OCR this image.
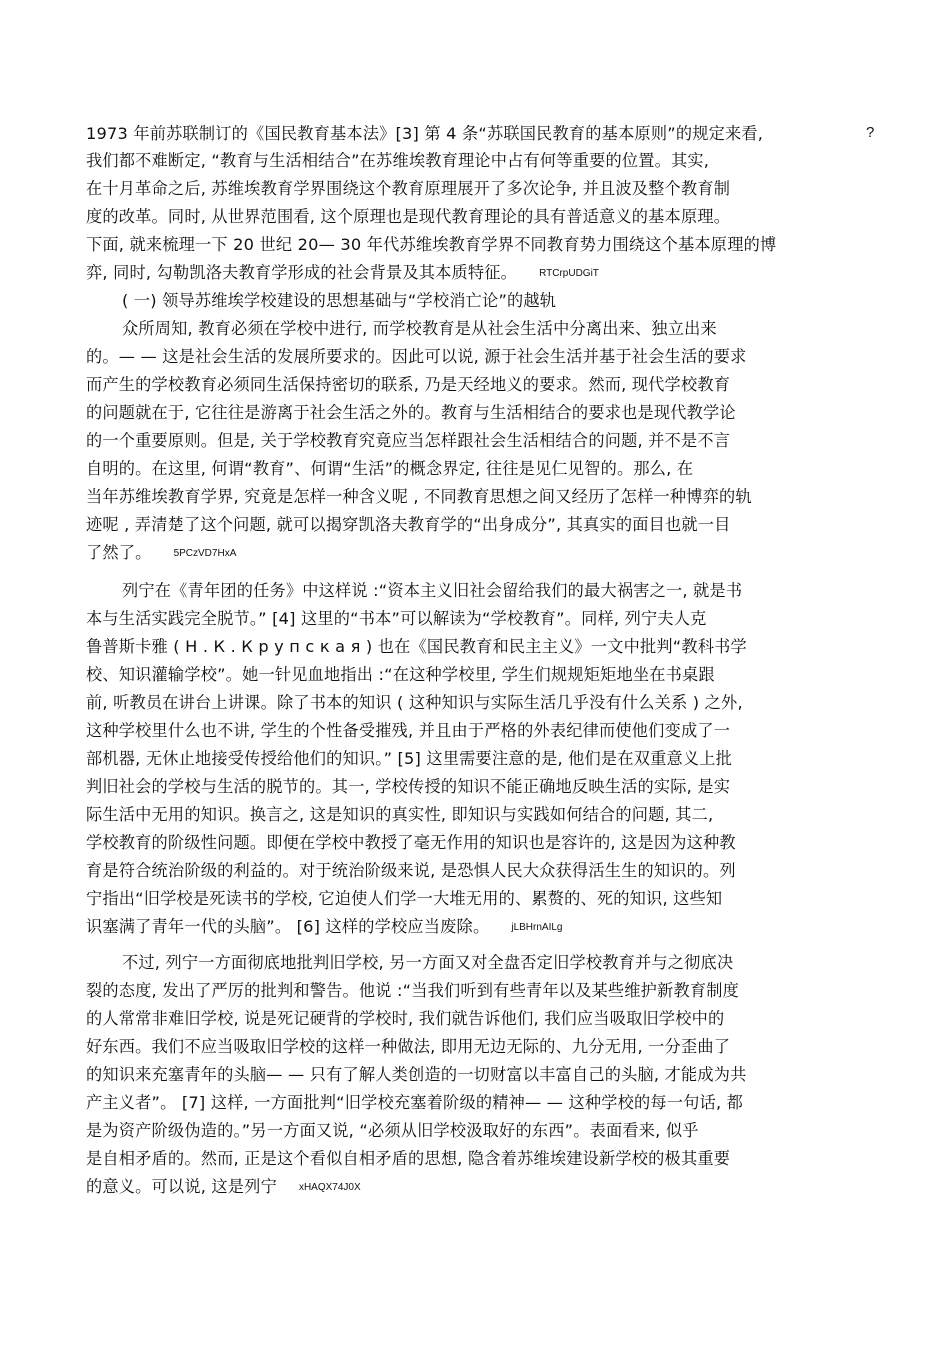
?
1973 年前苏联制订的《国民教育基本法》[3] 第 4 条“苏联国民教育的基本原则”的规定来看,
我们都不难断定, “教育与生活相结合”在苏维埃教育理论中占有何等重要的位置。其实,
在十月革命之后, 苏维埃教育学界围绕这个教育原理展开了多次论争, 并且波及整个教育制
度的改革。同时, 从世界范围看, 这个原理也是现代教育理论的具有普适意义的基本原理。
下面, 就来梳理一下 20 世纪 20— 30 年代苏维埃教育学界不同教育势力围绕这个基本原理的博
弈, 同时, 勾勒凯洛夫教育学形成的社会背景及其本质特征。 RTCrpUDGiT
( 一) 领导苏维埃学校建设的思想基础与“学校消亡论”的越轨
众所周知, 教育必须在学校中进行, 而学校教育是从社会生活中分离出来、独立出来
的。— — 这是社会生活的发展所要求的。因此可以说, 源于社会生活并基于社会生活的要求
而产生的学校教育必须同生活保持密切的联系, 乃是天经地义的要求。然而, 现代学校教育
的问题就在于, 它往往是游离于社会生活之外的。教育与生活相结合的要求也是现代教学论
的一个重要原则。但是, 关于学校教育究竟应当怎样跟社会生活相结合的问题, 并不是不言
自明的。在这里, 何谓“教育”、何谓“生活”的概念界定, 往往是见仁见智的。那么, 在
当年苏维埃教育学界, 究竟是怎样一种含义呢 , 不同教育思想之间又经历了怎样一种博弈的轨
迹呢 , 弄清楚了这个问题, 就可以揭穿凯洛夫教育学的“出身成分”, 其真实的面目也就一目
了然了。 5PCzVD7HxA
列宁在《青年团的任务》中这样说 :“资本主义旧社会留给我们的最大祸害之一, 就是书
本与生活实践完全脱节。” [4] 这里的“书本”可以解读为“学校教育”。同样, 列宁夫人克
鲁普斯卡雅 ( Н . К . К р у п с к а я ) 也在《国民教育和民主主义》一文中批判“教科书学
校、知识灌输学校”。她一针见血地指出 :“在这种学校里, 学生们规规矩矩地坐在书桌跟
前, 听教员在讲台上讲课。除了书本的知识 ( 这种知识与实际生活几乎没有什么关系 ) 之外,
这种学校里什么也不讲, 学生的个性备受摧残, 并且由于严格的外表纪律而使他们变成了一
部机器, 无休止地接受传授给他们的知识。” [5] 这里需要注意的是, 他们是在双重意义上批
判旧社会的学校与生活的脱节的。其一, 学校传授的知识不能正确地反映生活的实际, 是实
际生活中无用的知识。换言之, 这是知识的真实性, 即知识与实践如何结合的问题, 其二,
学校教育的阶级性问题。即便在学校中教授了毫无作用的知识也是容许的, 这是因为这种教
育是符合统治阶级的利益的。对于统治阶级来说, 是恐惧人民大众获得活生生的知识的。列
宁指出“旧学校是死读书的学校, 它迫使人们学一大堆无用的、累赘的、死的知识, 这些知
识塞满了青年一代的头脑”。 [6] 这样的学校应当废除。 jLBHrnAILg
不过, 列宁一方面彻底地批判旧学校, 另一方面又对全盘否定旧学校教育并与之彻底决
裂的态度, 发出了严厉的批判和警告。他说 :“当我们听到有些青年以及某些维护新教育制度
的人常常非难旧学校, 说是死记硬背的学校时, 我们就告诉他们, 我们应当吸取旧学校中的
好东西。我们不应当吸取旧学校的这样一种做法, 即用无边无际的、九分无用, 一分歪曲了
的知识来充塞青年的头脑— — 只有了解人类创造的一切财富以丰富自己的头脑, 才能成为共
产主义者”。 [7] 这样, 一方面批判“旧学校充塞着阶级的精神— — 这种学校的每一句话, 都
是为资产阶级伪造的。”另一方面又说, “必须从旧学校汲取好的东西”。表面看来, 似乎
是自相矛盾的。然而, 正是这个看似自相矛盾的思想, 隐含着苏维埃建设新学校的极其重要
的意义。可以说, 这是列宁 xHAQX74J0X
